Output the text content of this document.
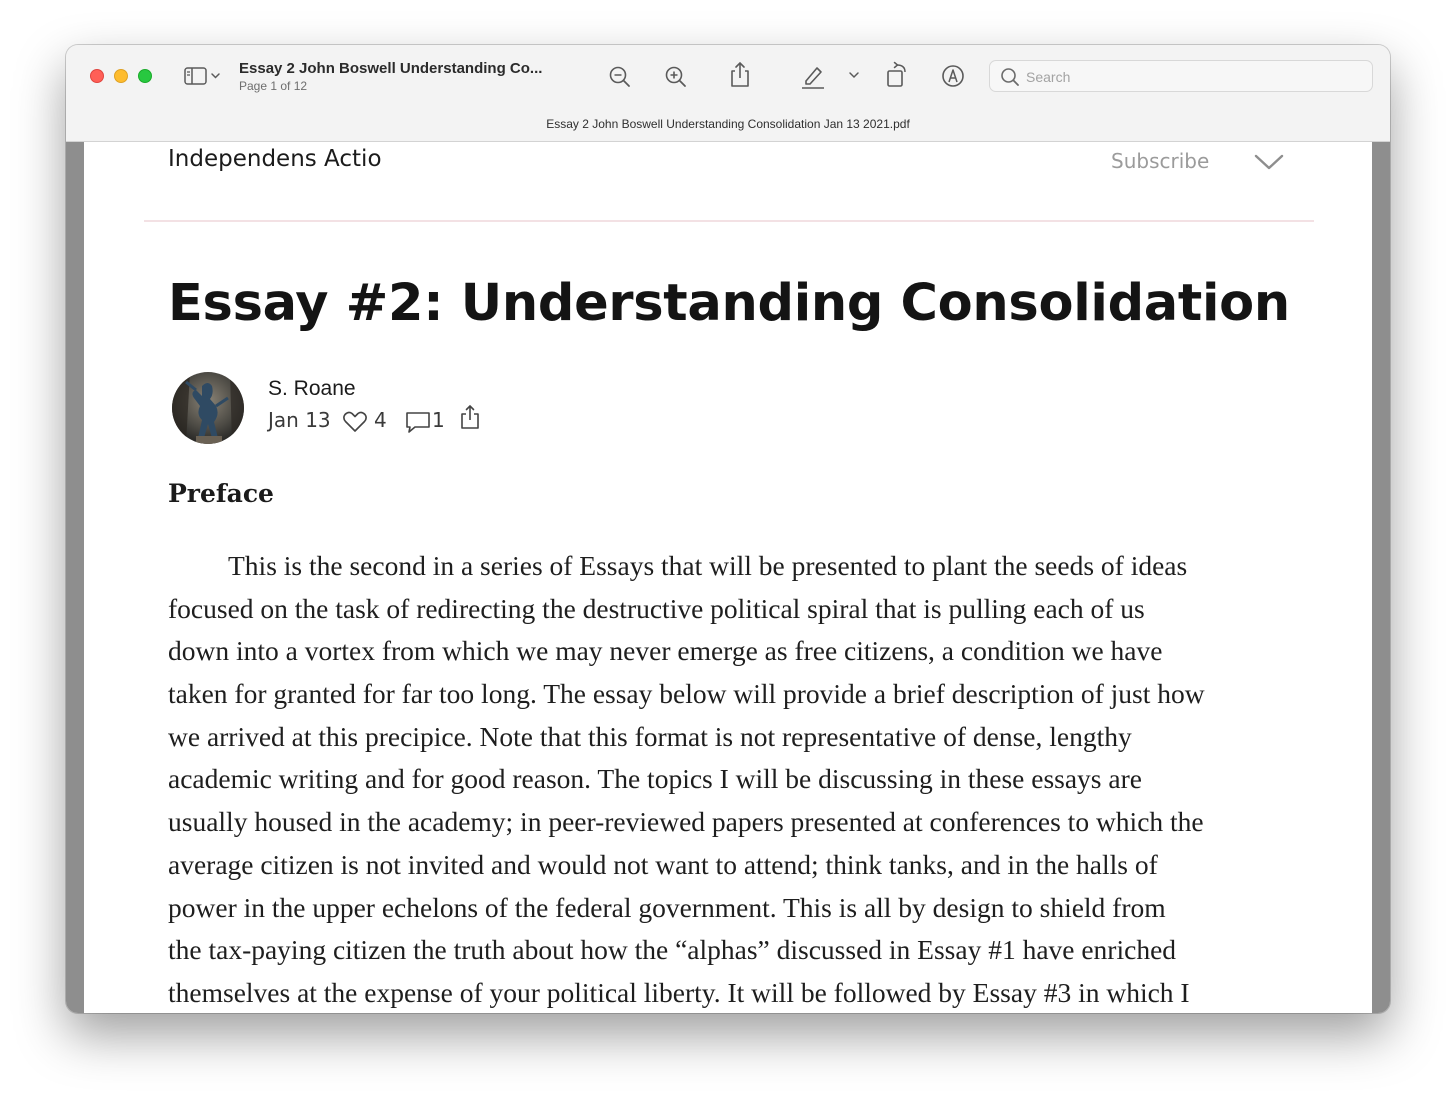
Essay 2 John Boswell Understanding Co...
Page 1 of 12
Search
Essay 2 John Boswell Understanding Consolidation Jan 13 2021.pdf
Independens Actio	Subscribe
Essay #2: Understanding Consolidation
S. Roane
Jan 13 4 1
Preface
This is the second in a series of Essays that will be presented to plant the seeds of ideas
focused on the task of redirecting the destructive political spiral that is pulling each of us
down into a vortex from which we may never emerge as free citizens, a condition we have
taken for granted for far too long. The essay below will provide a brief description of just how
we arrived at this precipice. Note that this format is not representative of dense, lengthy
academic writing and for good reason. The topics I will be discussing in these essays are
usually housed in the academy; in peer-reviewed papers presented at conferences to which the
average citizen is not invited and would not want to attend; think tanks, and in the halls of
power in the upper echelons of the federal government. This is all by design to shield from
the tax-paying citizen the truth about how the “alphas” discussed in Essay #1 have enriched
themselves at the expense of your political liberty. It will be followed by Essay #3 in which I
